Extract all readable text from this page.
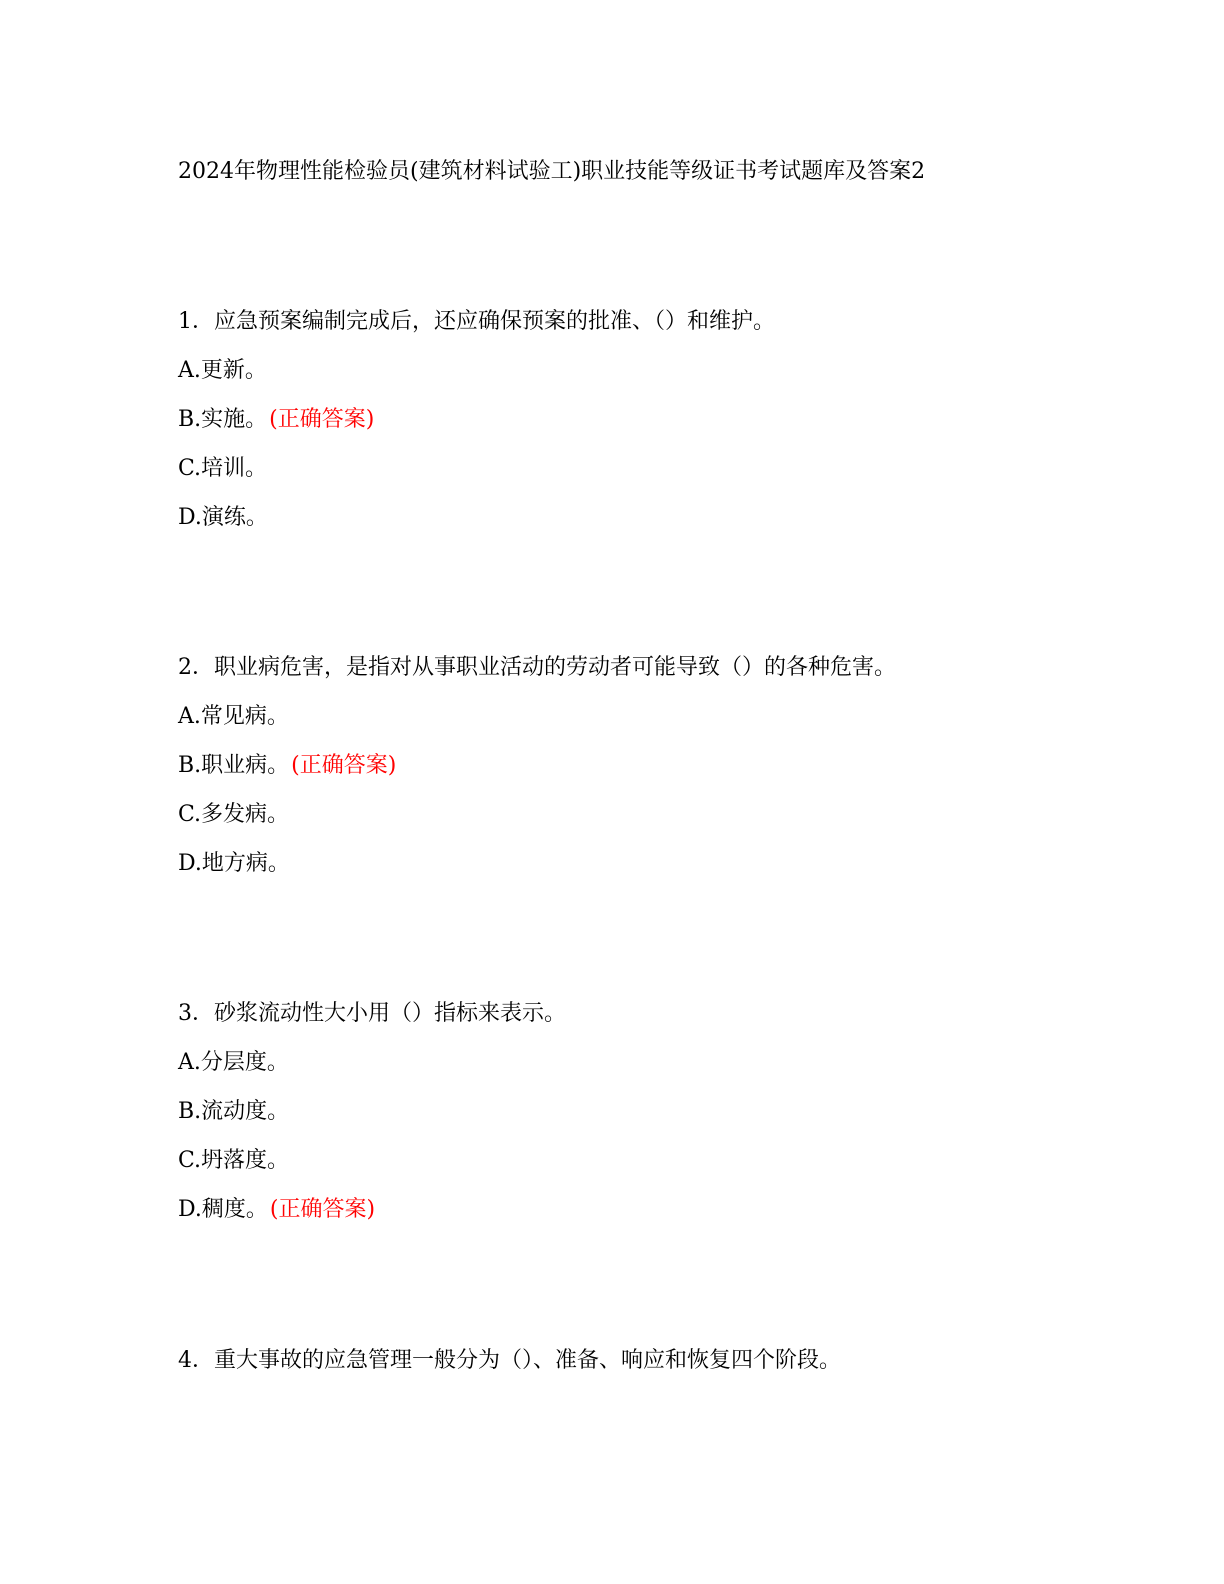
2024年物理性能检验员(建筑材料试验工)职业技能等级证书考试题库及答案2
1．应急预案编制完成后，还应确保预案的批准、（）和维护。
A.更新。
B.实施。(正确答案)
C.培训。
D.演练。
2．职业病危害，是指对从事职业活动的劳动者可能导致（）的各种危害。
A.常见病。
B.职业病。(正确答案)
C.多发病。
D.地方病。
3．砂浆流动性大小用（）指标来表示。
A.分层度。
B.流动度。
C.坍落度。
D.稠度。(正确答案)
4．重大事故的应急管理一般分为（）、准备、响应和恢复四个阶段。
